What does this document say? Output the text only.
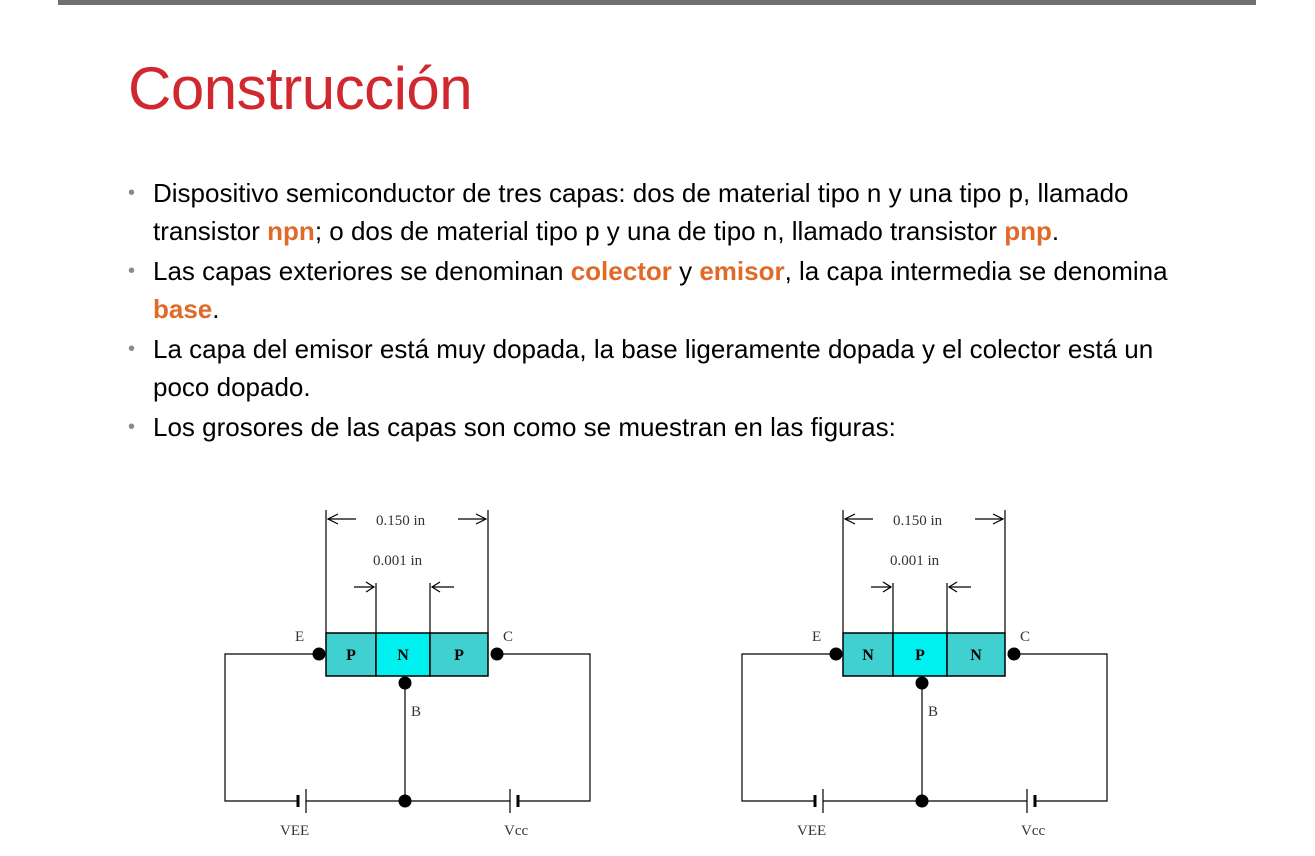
Construcción
• Dispositivo semiconductor de tres capas: dos de material tipo n y una tipo p, llamado transistor npn; o dos de material tipo p y una de tipo n, llamado transistor pnp.
• Las capas exteriores se denominan colector y emisor, la capa intermedia se denomina base.
• La capa del emisor está muy dopada, la base ligeramente dopada y el colector está un poco dopado.
• Los grosores de las capas son como se muestran en las figuras:
0.150 in
0.001 in
P	N	P
E	C
B
VEE	Vcc
0.150 in
0.001 in
N	P	N
E	C
B
VEE	Vcc
